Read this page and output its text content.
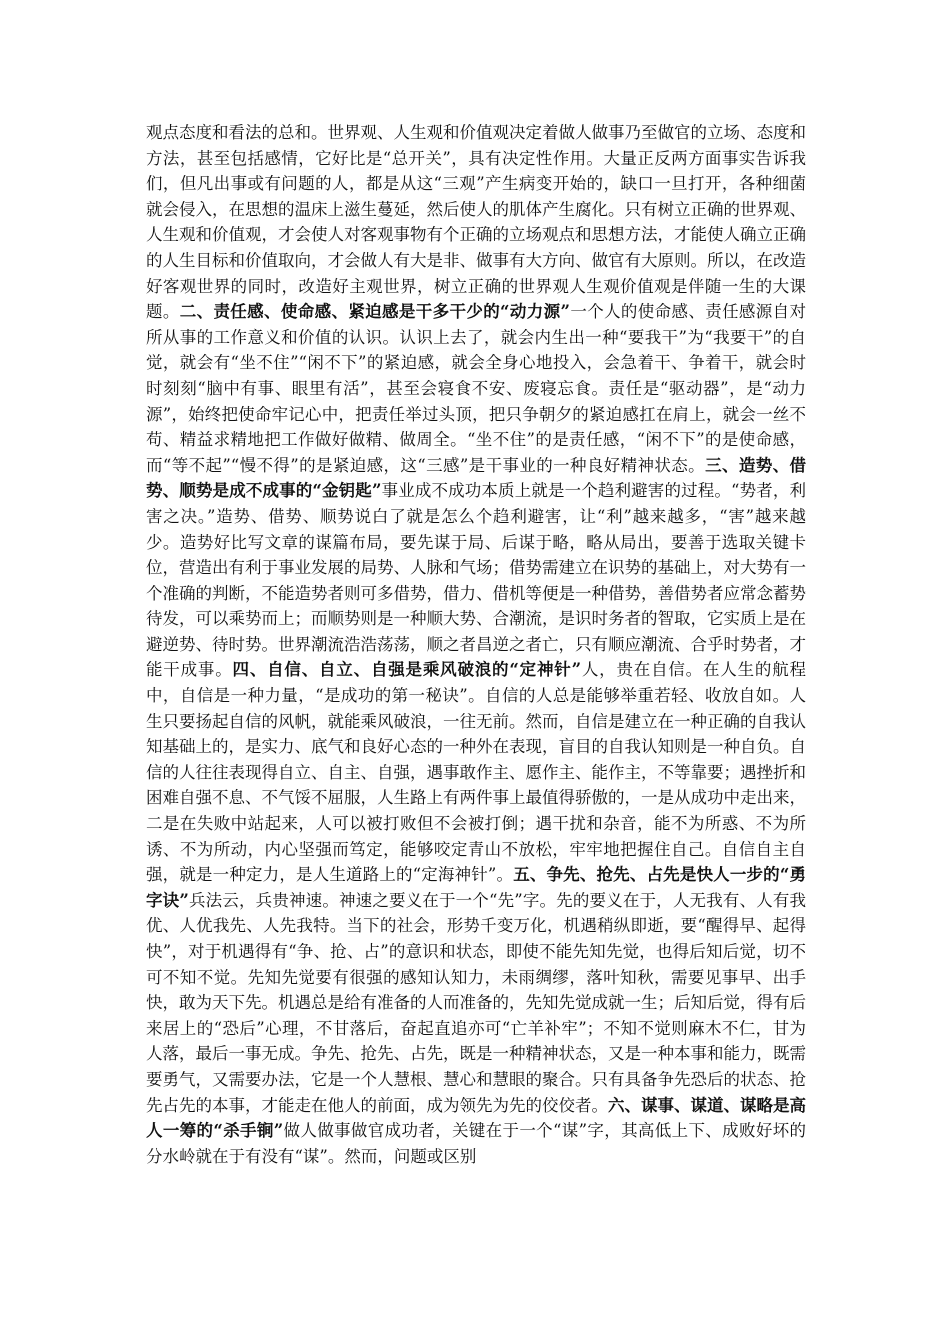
观点态度和看法的总和。世界观、人生观和价值观决定着做人做事乃至做官的立场、态度和方法，甚至包括感情，它好比是“总开关”，具有决定性作用。大量正反两方面事实告诉我们，但凡出事或有问题的人，都是从这“三观”产生病变开始的，缺口一旦打开，各种细菌就会侵入，在思想的温床上滋生蔓延，然后使人的肌体产生腐化。只有树立正确的世界观、人生观和价值观，才会使人对客观事物有个正确的立场观点和思想方法，才能使人确立正确的人生目标和价值取向，才会做人有大是非、做事有大方向、做官有大原则。所以，在改造好客观世界的同时，改造好主观世界，树立正确的世界观人生观价值观是伴随一生的大课题。二、责任感、使命感、紧迫感是干多干少的“动力源”一个人的使命感、责任感源自对所从事的工作意义和价值的认识。认识上去了，就会内生出一种“要我干”为“我要干”的自觉，就会有“坐不住”“闲不下”的紧迫感，就会全身心地投入，会急着干、争着干，就会时时刻刻“脑中有事、眼里有活”，甚至会寝食不安、废寝忘食。责任是“驱动器”，是“动力源”，始终把使命牢记心中，把责任举过头顶，把只争朝夕的紧迫感扛在肩上，就会一丝不苟、精益求精地把工作做好做精、做周全。“坐不住”的是责任感，“闲不下”的是使命感，而“等不起”“慢不得”的是紧迫感，这“三感”是干事业的一种良好精神状态。三、造势、借势、顺势是成不成事的“金钥匙”事业成不成功本质上就是一个趋利避害的过程。“势者，利害之决。”造势、借势、顺势说白了就是怎么个趋利避害，让“利”越来越多，“害”越来越少。造势好比写文章的谋篇布局，要先谋于局、后谋于略，略从局出，要善于选取关键卡位，营造出有利于事业发展的局势、人脉和气场；借势需建立在识势的基础上，对大势有一个准确的判断，不能造势者则可多借势，借力、借机等便是一种借势，善借势者应常念蓄势待发，可以乘势而上；而顺势则是一种顺大势、合潮流，是识时务者的智取，它实质上是在避逆势、待时势。世界潮流浩浩荡荡，顺之者昌逆之者亡，只有顺应潮流、合乎时势者，才能干成事。四、自信、自立、自强是乘风破浪的“定神针”人，贵在自信。在人生的航程中，自信是一种力量，“是成功的第一秘诀”。自信的人总是能够举重若轻、收放自如。人生只要扬起自信的风帆，就能乘风破浪，一往无前。然而，自信是建立在一种正确的自我认知基础上的，是实力、底气和良好心态的一种外在表现，盲目的自我认知则是一种自负。自信的人往往表现得自立、自主、自强，遇事敢作主、愿作主、能作主，不等靠要；遇挫折和困难自强不息、不气馁不屈服，人生路上有两件事上最值得骄傲的，一是从成功中走出来，二是在失败中站起来，人可以被打败但不会被打倒；遇干扰和杂音，能不为所惑、不为所诱、不为所动，内心坚强而笃定，能够咬定青山不放松，牢牢地把握住自己。自信自主自强，就是一种定力，是人生道路上的“定海神针”。五、争先、抢先、占先是快人一步的“勇字诀”兵法云，兵贵神速。神速之要义在于一个“先”字。先的要义在于，人无我有、人有我优、人优我先、人先我特。当下的社会，形势千变万化，机遇稍纵即逝，要“醒得早、起得快”，对于机遇得有“争、抢、占”的意识和状态，即使不能先知先觉，也得后知后觉，切不可不知不觉。先知先觉要有很强的感知认知力，未雨绸缪，落叶知秋，需要见事早、出手快，敢为天下先。机遇总是给有准备的人而准备的，先知先觉成就一生；后知后觉，得有后来居上的“恐后”心理，不甘落后，奋起直追亦可“亡羊补牢”；不知不觉则麻木不仁，甘为人落，最后一事无成。争先、抢先、占先，既是一种精神状态，又是一种本事和能力，既需要勇气，又需要办法，它是一个人慧根、慧心和慧眼的聚合。只有具备争先恐后的状态、抢先占先的本事，才能走在他人的前面，成为领先为先的佼佼者。六、谋事、谋道、谋略是高人一筹的“杀手锏”做人做事做官成功者，关键在于一个“谋”字，其高低上下、成败好坏的分水岭就在于有没有“谋”。然而，问题或区别
